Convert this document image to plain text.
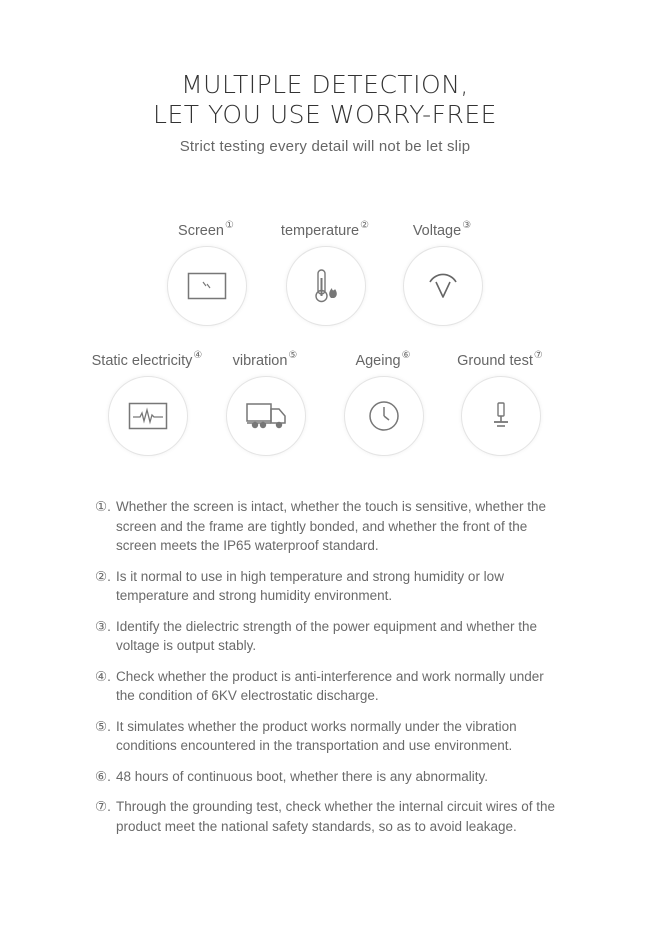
MULTIPLE DETECTION,
LET YOU USE WORRY-FREE
Strict testing every detail will not be let slip
Screen①	temperature②	Voltage③
Static electricity④	vibration⑤	Ageing⑥	Ground test⑦
①. Whether the screen is intact, whether the touch is sensitive, whether the screen and the frame are tightly bonded, and whether the front of the screen meets the IP65 waterproof standard.
②. Is it normal to use in high temperature and strong humidity or low temperature and strong humidity environment.
③. Identify the dielectric strength of the power equipment and whether the voltage is output stably.
④. Check whether the product is anti-interference and work normally under the condition of 6KV electrostatic discharge.
⑤. It simulates whether the product works normally under the vibration conditions encountered in the transportation and use environment.
⑥. 48 hours of continuous boot, whether there is any abnormality.
⑦. Through the grounding test, check whether the internal circuit wires of the product meet the national safety standards, so as to avoid leakage.
